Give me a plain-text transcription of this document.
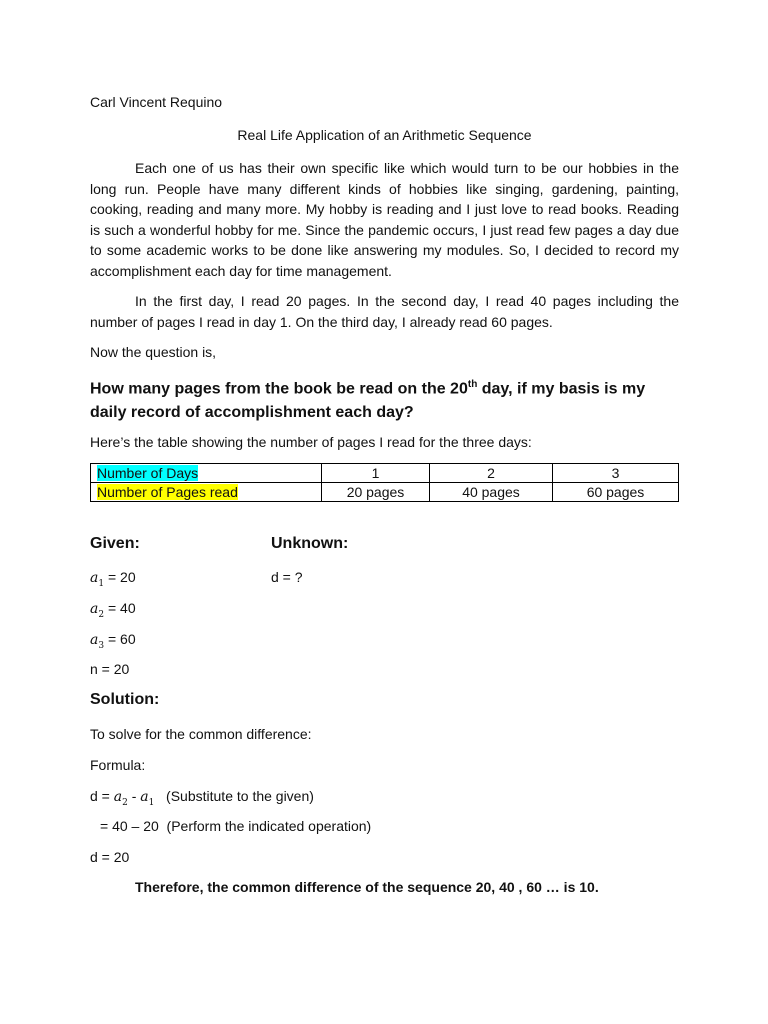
Carl Vincent Requino
Real Life Application of an Arithmetic Sequence

Each one of us has their own specific like which would turn to be our hobbies in the long run. People have many different kinds of hobbies like singing, gardening, painting, cooking, reading and many more. My hobby is reading and I just love to read books. Reading is such a wonderful hobby for me. Since the pandemic occurs, I just read few pages a day due to some academic works to be done like answering my modules. So, I decided to record my accomplishment each day for time management.

In the first day, I read 20 pages. In the second day, I read 40 pages including the number of pages I read in day 1. On the third day, I already read 60 pages.

Now the question is,
How many pages from the book be read on the 20th day, if my basis is my daily record of accomplishment each day?
Here’s the table showing the number of pages I read for the three days:
Number of Days	1	2	3
Number of Pages read	20 pages	40 pages	60 pages
Given:	Unknown:
$a_1 = 20$	d = ?
$a_2 = 40$
$a_3 = 60$
n = 20
Solution:
To solve for the common difference:
Formula:
$d = a_2 - a_1$   (Substitute to the given)
= 40 – 20  (Perform the indicated operation)
d = 20
Therefore, the common difference of the sequence 20, 40 , 60 … is 10.
